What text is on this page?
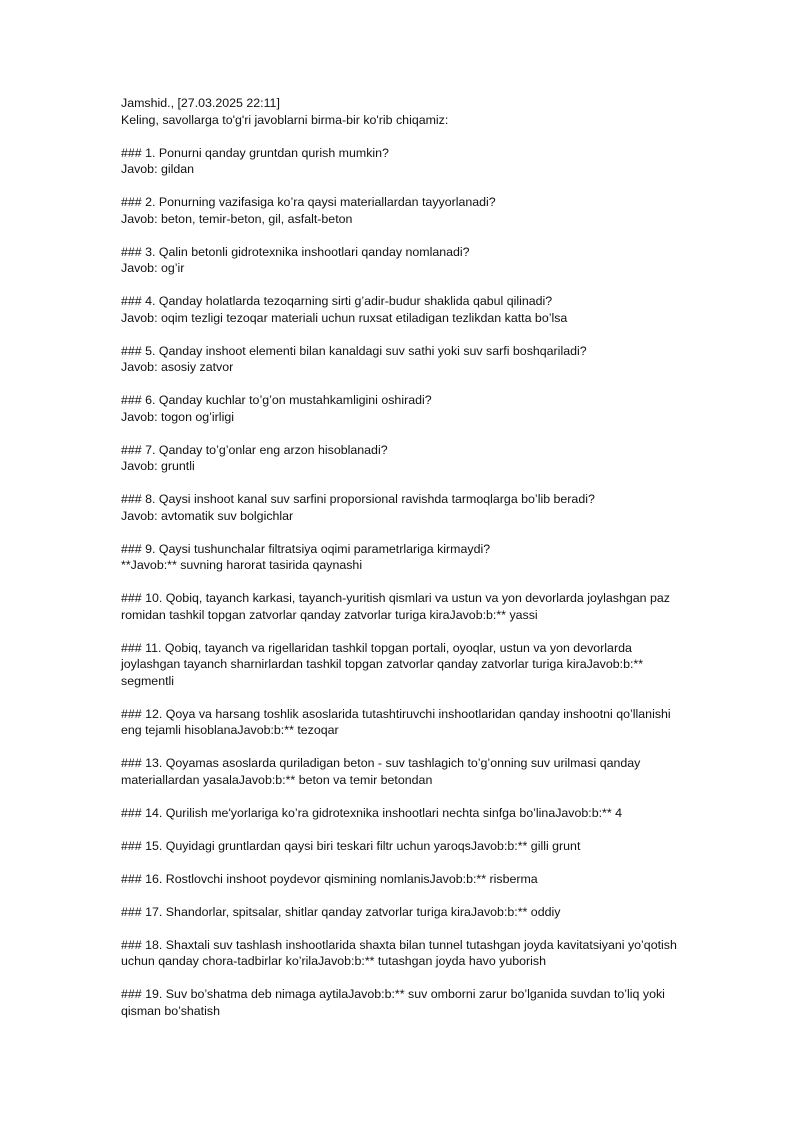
Jamshid., [27.03.2025 22:11]
Keling, savollarga to'g'ri javoblarni birma-bir ko'rib chiqamiz:
### 1. Ponurni qanday gruntdan qurish mumkin?
Javob: gildan
### 2. Ponurning vazifasiga ko’ra qaysi materiallardan tayyorlanadi?
Javob: beton, temir-beton, gil, asfalt-beton
### 3. Qalin betonli gidrotexnika inshootlari qanday nomlanadi?
Javob: og’ir
### 4. Qanday holatlarda tezoqarning sirti g’adir-budur shaklida qabul qilinadi?
Javob: oqim tezligi tezoqar materiali uchun ruxsat etiladigan tezlikdan katta bo’lsa
### 5. Qanday inshoot elementi bilan kanaldagi suv sathi yoki suv sarfi boshqariladi?
Javob: asosiy zatvor
### 6. Qanday kuchlar to’g’on mustahkamligini oshiradi?
Javob: togon og’irligi
### 7. Qanday to’g’onlar eng arzon hisoblanadi?
Javob: gruntli
### 8. Qaysi inshoot kanal suv sarfini proporsional ravishda tarmoqlarga bo’lib beradi?
Javob: avtomatik suv bolgichlar
### 9. Qaysi tushunchalar filtratsiya oqimi parametrlariga kirmaydi?
**Javob:** suvning harorat tasirida qaynashi
### 10. Qobiq, tayanch karkasi, tayanch-yuritish qismlari va ustun va yon devorlarda joylashgan paz romidan tashkil topgan zatvorlar qanday zatvorlar turiga kiraJavob:b:** yassi
### 11. Qobiq, tayanch va rigellaridan tashkil topgan portali, oyoqlar, ustun va yon devorlarda joylashgan tayanch sharnirlardan tashkil topgan zatvorlar qanday zatvorlar turiga kiraJavob:b:** segmentli
### 12. Qoya va harsang toshlik asoslarida tutashtiruvchi inshootlaridan qanday inshootni qo’llanishi eng tejamli hisoblanaJavob:b:** tezoqar
### 13. Qoyamas asoslarda quriladigan beton - suv tashlagich to’g’onning suv urilmasi qanday materiallardan yasalaJavob:b:** beton va temir betondan
### 14. Qurilish me'yorlariga ko’ra gidrotexnika inshootlari nechta sinfga bo’linaJavob:b:** 4
### 15. Quyidagi gruntlardan qaysi biri teskari filtr uchun yaroqsJavob:b:** gilli grunt
### 16. Rostlovchi inshoot poydevor qismining nomlanisJavob:b:** risberma
### 17. Shandorlar, spitsalar, shitlar qanday zatvorlar turiga kiraJavob:b:** oddiy
### 18. Shaxtali suv tashlash inshootlarida shaxta bilan tunnel tutashgan joyda kavitatsiyani yo’qotish uchun qanday chora-tadbirlar ko’rilaJavob:b:** tutashgan joyda havo yuborish
### 19. Suv bo’shatma deb nimaga aytilaJavob:b:** suv omborni zarur bo’lganida suvdan to’liq yoki qisman bo’shatish
